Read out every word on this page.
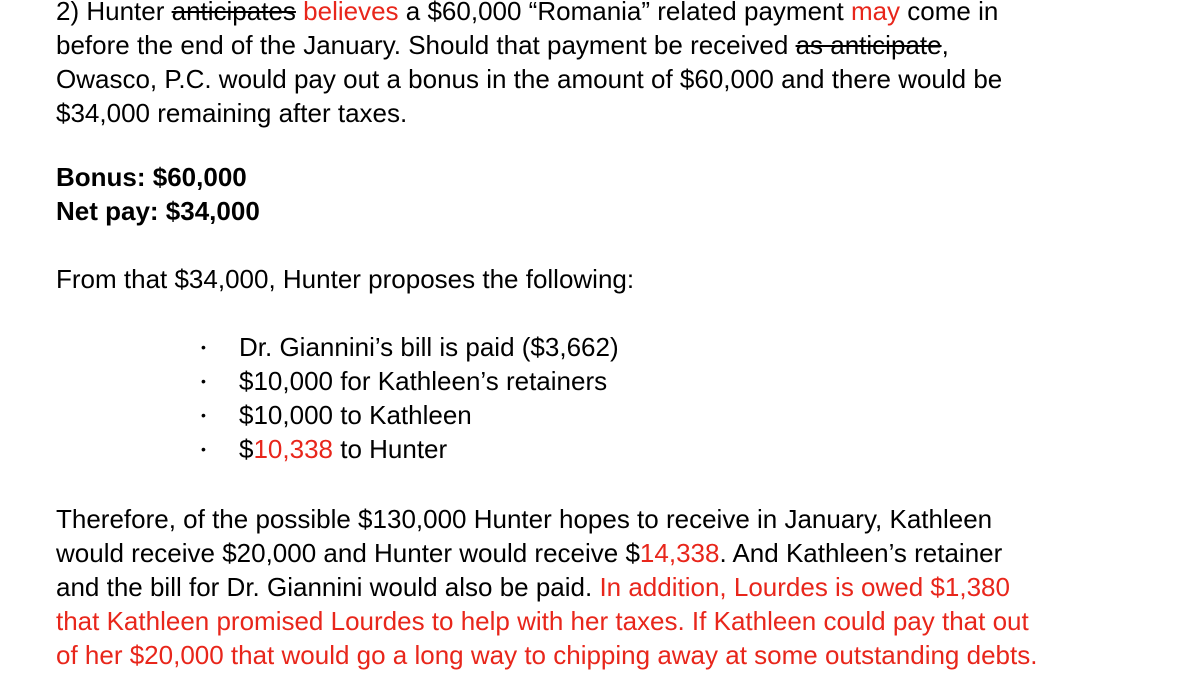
2) Hunter anticipates believes a $60,000 “Romania” related payment may come in
before the end of the January. Should that payment be received as anticipate,
Owasco, P.C. would pay out a bonus in the amount of $60,000 and there would be
$34,000 remaining after taxes.

Bonus: $60,000
Net pay: $34,000

From that $34,000, Hunter proposes the following:

• Dr. Giannini’s bill is paid ($3,662)
• $10,000 for Kathleen’s retainers
• $10,000 to Kathleen
• $10,338 to Hunter

Therefore, of the possible $130,000 Hunter hopes to receive in January, Kathleen
would receive $20,000 and Hunter would receive $14,338. And Kathleen’s retainer
and the bill for Dr. Giannini would also be paid. In addition, Lourdes is owed $1,380
that Kathleen promised Lourdes to help with her taxes. If Kathleen could pay that out
of her $20,000 that would go a long way to chipping away at some outstanding debts.
